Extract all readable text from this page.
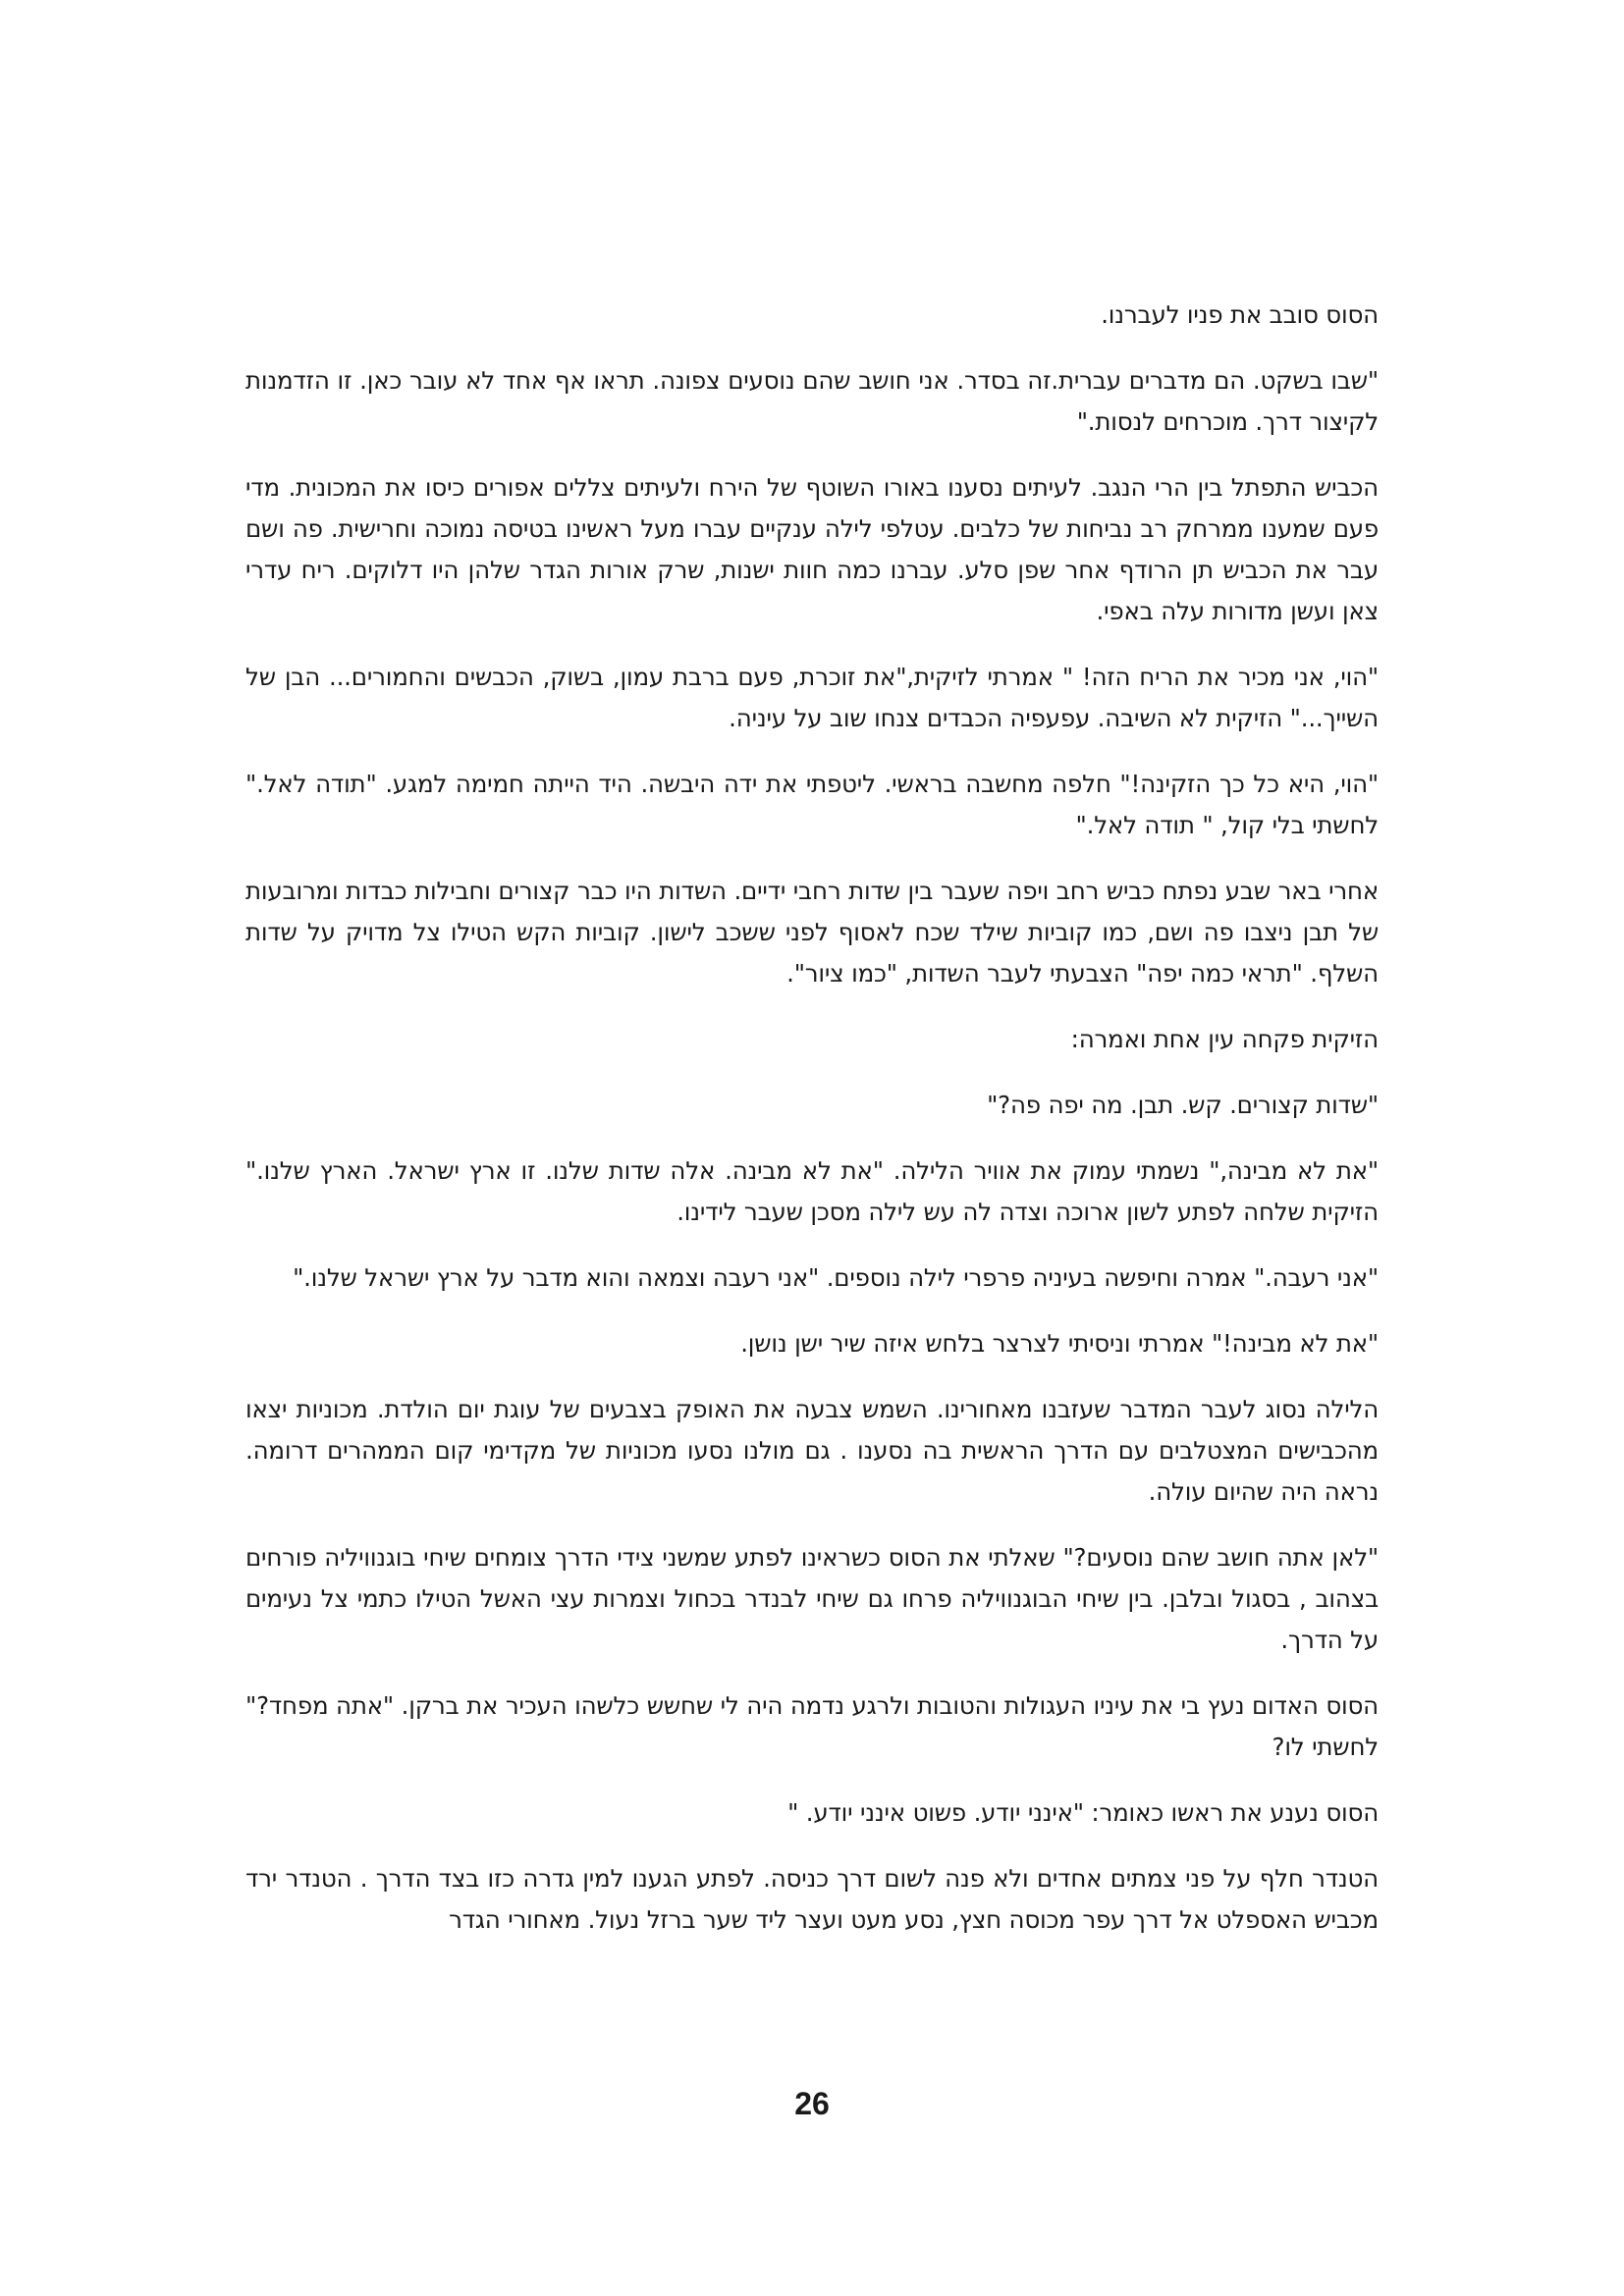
הסוס סובב את פניו לעברנו.

"שבו בשקט. הם מדברים עברית.זה בסדר. אני חושב שהם נוסעים צפונה. תראו אף אחד לא עובר כאן. זו הזדמנות לקיצור דרך. מוכרחים לנסות."

הכביש התפתל בין הרי הנגב. לעיתים נסענו באורו השוטף של הירח ולעיתים צללים אפורים כיסו את המכונית. מדי פעם שמענו ממרחק רב נביחות של כלבים. עטלפי לילה ענקיים עברו מעל ראשינו בטיסה נמוכה וחרישית. פה ושם עבר את הכביש תן הרודף אחר שפן סלע. עברנו כמה חוות ישנות, שרק אורות הגדר שלהן היו דלוקים. ריח עדרי צאן ועשן מדורות עלה באפי.

"הוי, אני מכיר את הריח הזה! " אמרתי לזיקית,"את זוכרת, פעם ברבת עמון, בשוק, הכבשים והחמורים... הבן של השייך..." הזיקית לא השיבה. עפעפיה הכבדים צנחו שוב על עיניה.

"הוי, היא כל כך הזקינה!" חלפה מחשבה בראשי. ליטפתי את ידה היבשה. היד הייתה חמימה למגע. "תודה לאל." לחשתי בלי קול, " תודה לאל."

אחרי באר שבע נפתח כביש רחב ויפה שעבר בין שדות רחבי ידיים. השדות היו כבר קצורים וחבילות כבדות ומרובעות של תבן ניצבו פה ושם, כמו קוביות שילד שכח לאסוף לפני ששכב לישון. קוביות הקש הטילו צל מדויק על שדות השלף. "תראי כמה יפה" הצבעתי לעבר השדות, "כמו ציור".

הזיקית פקחה עין אחת ואמרה:

"שדות קצורים. קש. תבן. מה יפה פה?"

"את לא מבינה," נשמתי עמוק את אוויר הלילה. "את לא מבינה. אלה שדות שלנו. זו ארץ ישראל. הארץ שלנו." הזיקית שלחה לפתע לשון ארוכה וצדה לה עש לילה מסכן שעבר לידינו.

"אני רעבה." אמרה וחיפשה בעיניה פרפרי לילה נוספים. "אני רעבה וצמאה והוא מדבר על ארץ ישראל שלנו."

"את לא מבינה!" אמרתי וניסיתי לצרצר בלחש איזה שיר ישן נושן.

הלילה נסוג לעבר המדבר שעזבנו מאחורינו. השמש צבעה את האופק בצבעים של עוגת יום הולדת. מכוניות יצאו מהכבישים המצטלבים עם הדרך הראשית בה נסענו . גם מולנו נסעו מכוניות של מקדימי קום הממהרים דרומה. נראה היה שהיום עולה.

"לאן אתה חושב שהם נוסעים?" שאלתי את הסוס כשראינו לפתע שמשני צידי הדרך צומחים שיחי בוגנוויליה פורחים בצהוב , בסגול ובלבן. בין שיחי הבוגנוויליה פרחו גם שיחי לבנדר בכחול וצמרות עצי האשל הטילו כתמי צל נעימים על הדרך.

הסוס האדום נעץ בי את עיניו העגולות והטובות ולרגע נדמה היה לי שחשש כלשהו העכיר את ברקן. "אתה מפחד?" לחשתי לו?

הסוס נענע את ראשו כאומר: "אינני יודע. פשוט אינני יודע. "

הטנדר חלף על פני צמתים אחדים ולא פנה לשום דרך כניסה. לפתע הגענו למין גדרה כזו בצד הדרך . הטנדר ירד מכביש האספלט אל דרך עפר מכוסה חצץ, נסע מעט ועצר ליד שער ברזל נעול. מאחורי הגדר

26
